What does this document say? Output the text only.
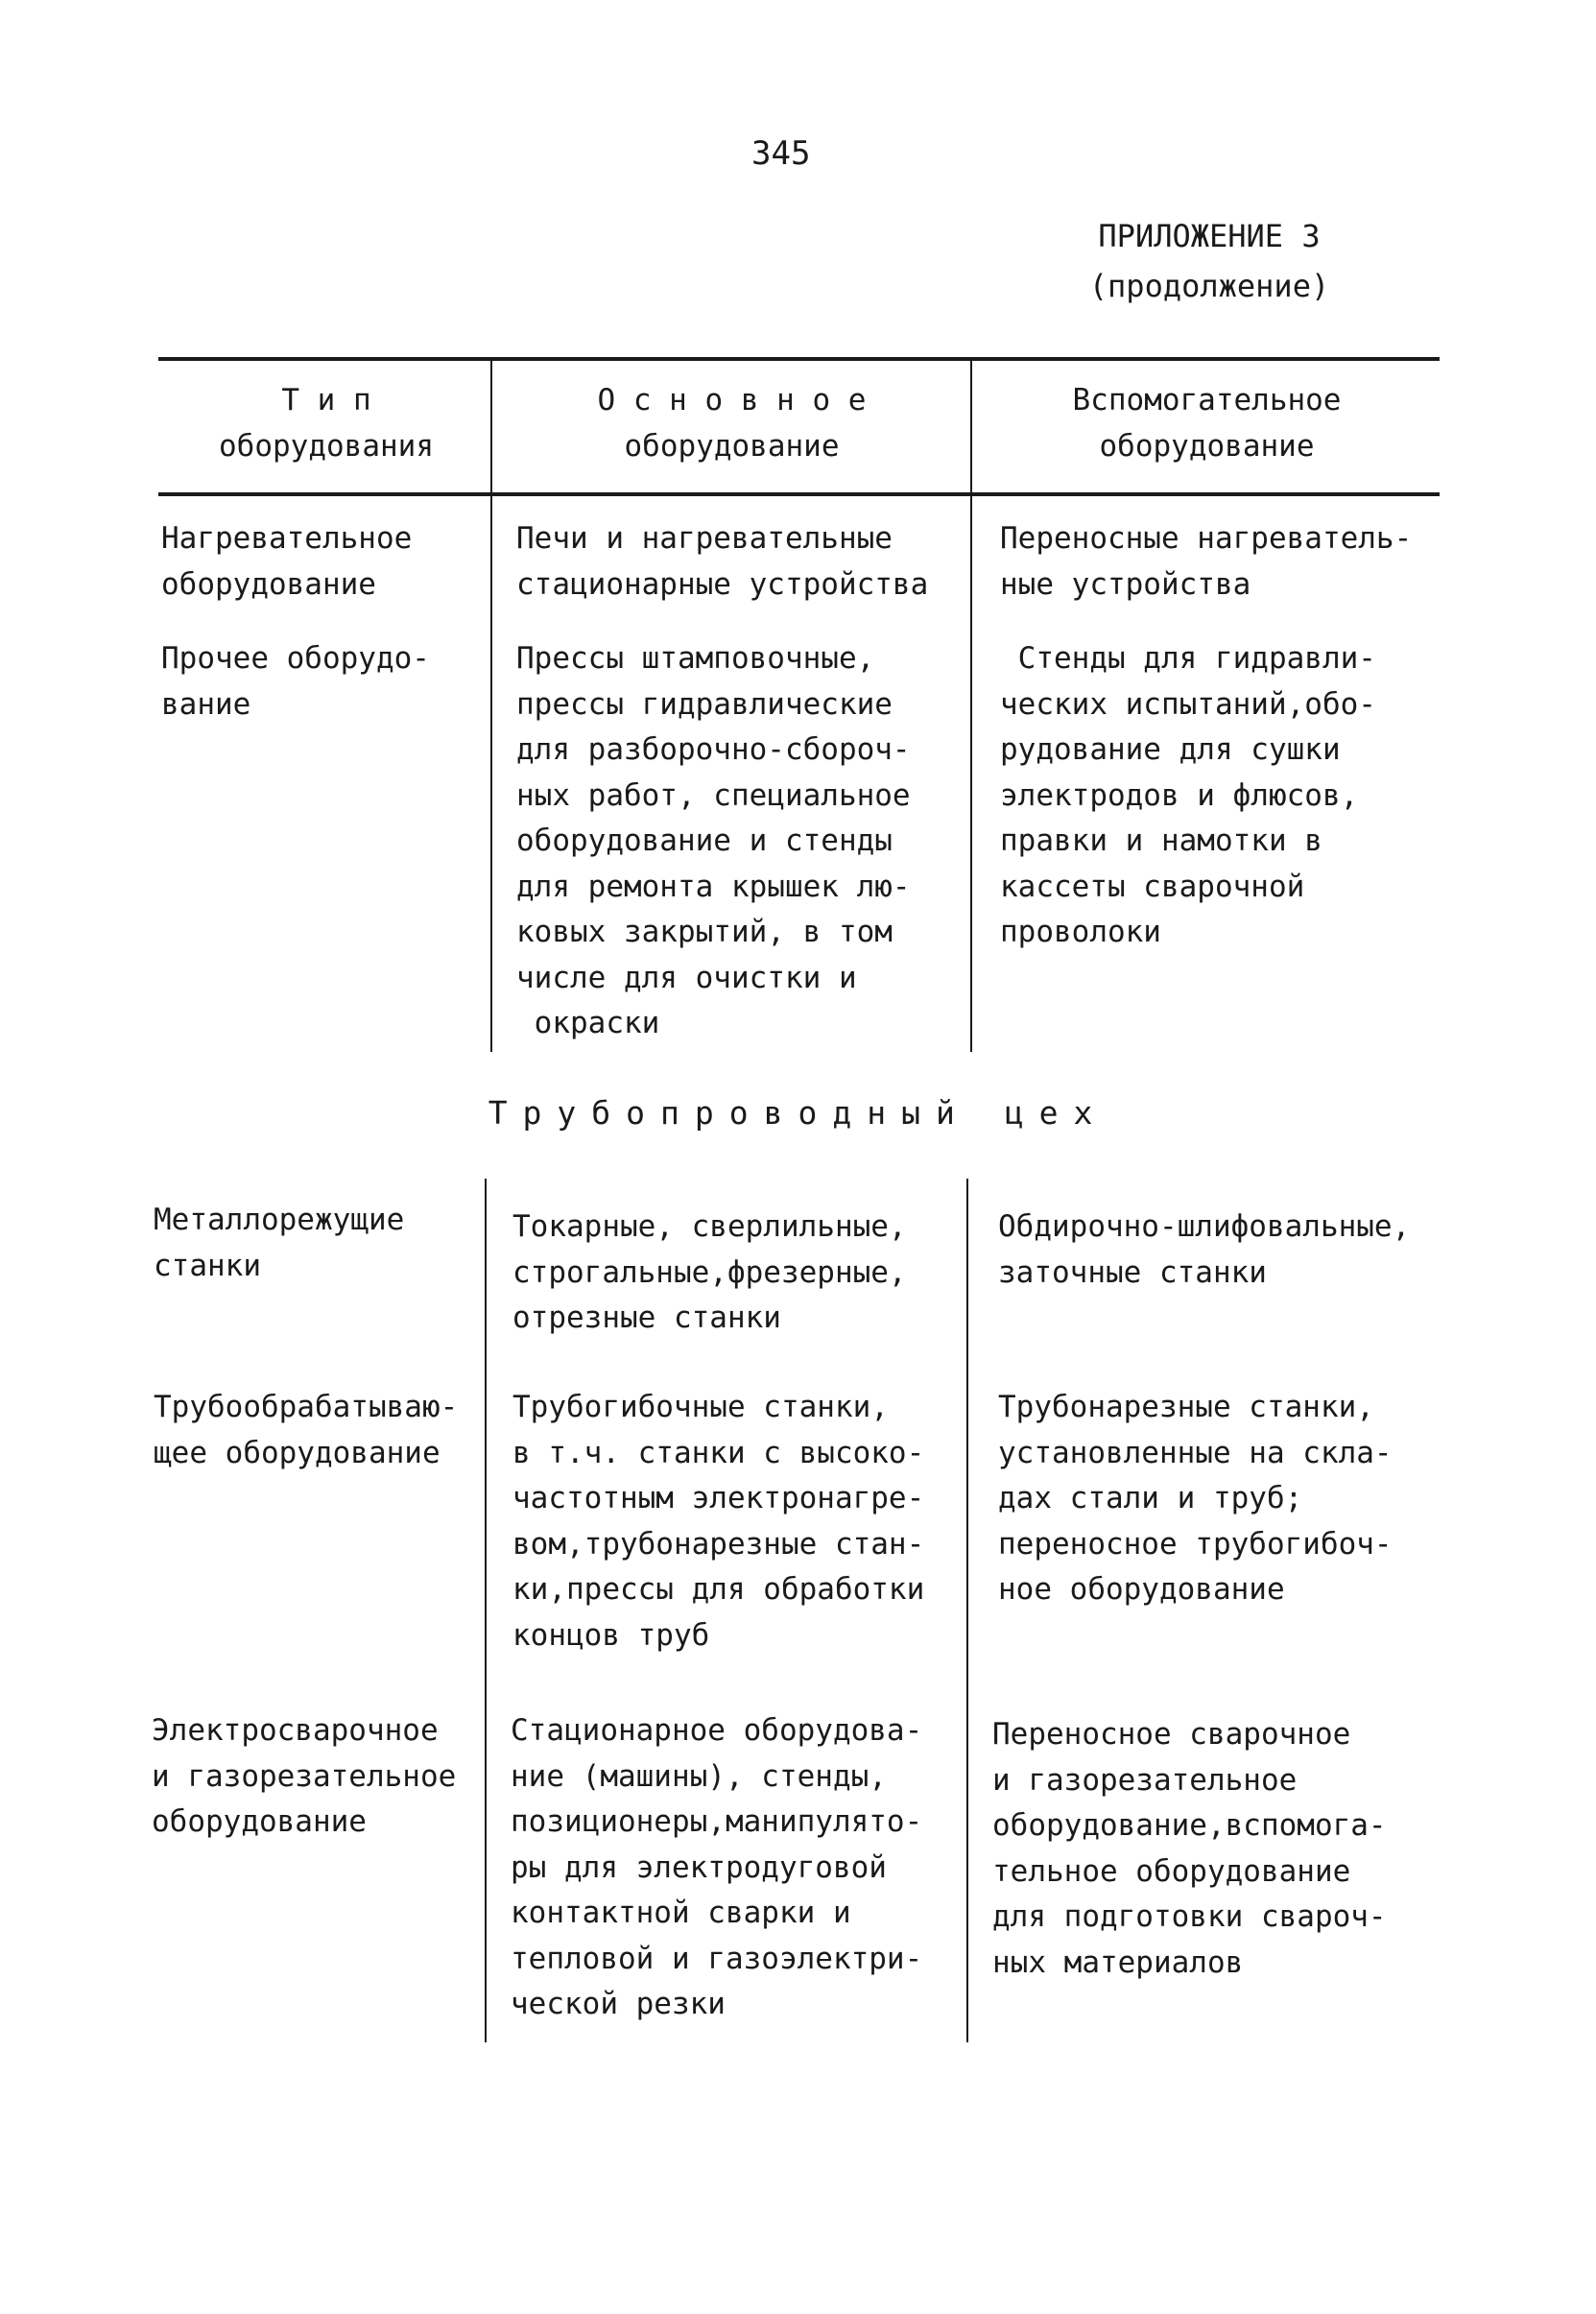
345
ПРИЛОЖЕНИЕ 3
(продолжение)
Т и п
оборудования
О с н о в н о е
оборудование
Вспомогательное
оборудование
Нагревательное
оборудование
Печи и нагревательные
стационарные устройства
Переносные нагреватель-
ные устройства
Прочее оборудо-
вание
Прессы штамповочные,
прессы гидравлические
для разборочно-сбороч-
ных работ, специальное
оборудование и стенды
для ремонта крышек лю-
ковых закрытий, в том
числе для очистки и
окраски
Стенды для гидравли-
ческих испытаний,обо-
рудование для сушки
электродов и флюсов,
правки и намотки в
кассеты сварочной
проволоки
Трубопроводный цех
Металлорежущие
станки
Токарные, сверлильные,
строгальные,фрезерные,
отрезные станки
Обдирочно-шлифовальные,
заточные станки
Трубообрабатываю-
щее оборудование
Трубогибочные станки,
в т.ч. станки с высоко-
частотным электронагре-
вом,трубонарезные стан-
ки,прессы для обработки
концов труб
Трубонарезные станки,
установленные на скла-
дах стали и труб;
переносное трубогибоч-
ное оборудование
Электросварочное
и газорезательное
оборудование
Стационарное оборудова-
ние (машины), стенды,
позиционеры,манипулято-
ры для электродуговой
контактной сварки и
тепловой и газоэлектри-
ческой резки
Переносное сварочное
и газорезательное
оборудование,вспомога-
тельное оборудование
для подготовки сварoч-
ных материалов
